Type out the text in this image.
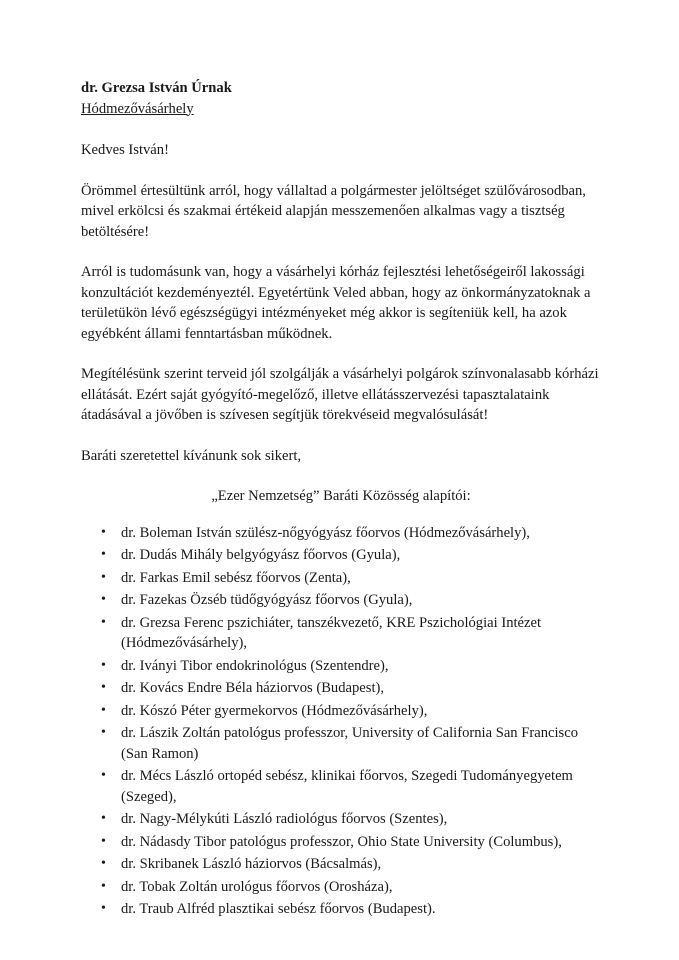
dr. Grezsa István Úrnak

Hódmezővásárhely

Kedves István!

Örömmel értesültünk arról, hogy vállaltad a polgármester jelöltséget szülővárosodban, mivel erkölcsi és szakmai értékeid alapján messzemenően alkalmas vagy a tisztség betöltésére!

Arról is tudomásunk van, hogy a vásárhelyi kórház fejlesztési lehetőségeiről lakossági konzultációt kezdeményeztél. Egyetértünk Veled abban, hogy az önkormányzatoknak a területükön lévő egészségügyi intézményeket még akkor is segíteniük kell, ha azok egyébként állami fenntartásban működnek.

Megítélésünk szerint terveid jól szolgálják a vásárhelyi polgárok színvonalasabb kórházi ellátását. Ezért saját gyógyító-megelőző, illetve ellátásszervezési tapasztalataink átadásával a jövőben is szívesen segítjük törekvéseid megvalósulását!

Baráti szeretettel kívánunk sok sikert,

„Ezer Nemzetség” Baráti Közösség alapítói:

• dr. Boleman István szülész-nőgyógyász főorvos (Hódmezővásárhely),
• dr. Dudás Mihály belgyógyász főorvos (Gyula),
• dr. Farkas Emil sebész főorvos (Zenta),
• dr. Fazekas Özséb tüdőgyógyász főorvos (Gyula),
• dr. Grezsa Ferenc pszichiáter, tanszékvezető, KRE Pszichológiai Intézet (Hódmezővásárhely),
• dr. Iványi Tibor endokrinológus (Szentendre),
• dr. Kovács Endre Béla háziorvos (Budapest),
• dr. Kószó Péter gyermekorvos (Hódmezővásárhely),
• dr. Lászik Zoltán patológus professzor, University of California San Francisco (San Ramon)
• dr. Mécs László ortopéd sebész, klinikai főorvos, Szegedi Tudományegyetem (Szeged),
• dr. Nagy-Mélykúti László radiológus főorvos (Szentes),
• dr. Nádasdy Tibor patológus professzor, Ohio State University (Columbus),
• dr. Skribanek László háziorvos (Bácsalmás),
• dr. Tobak Zoltán urológus főorvos (Orosháza),
• dr. Traub Alfréd plasztikai sebész főorvos (Budapest).
